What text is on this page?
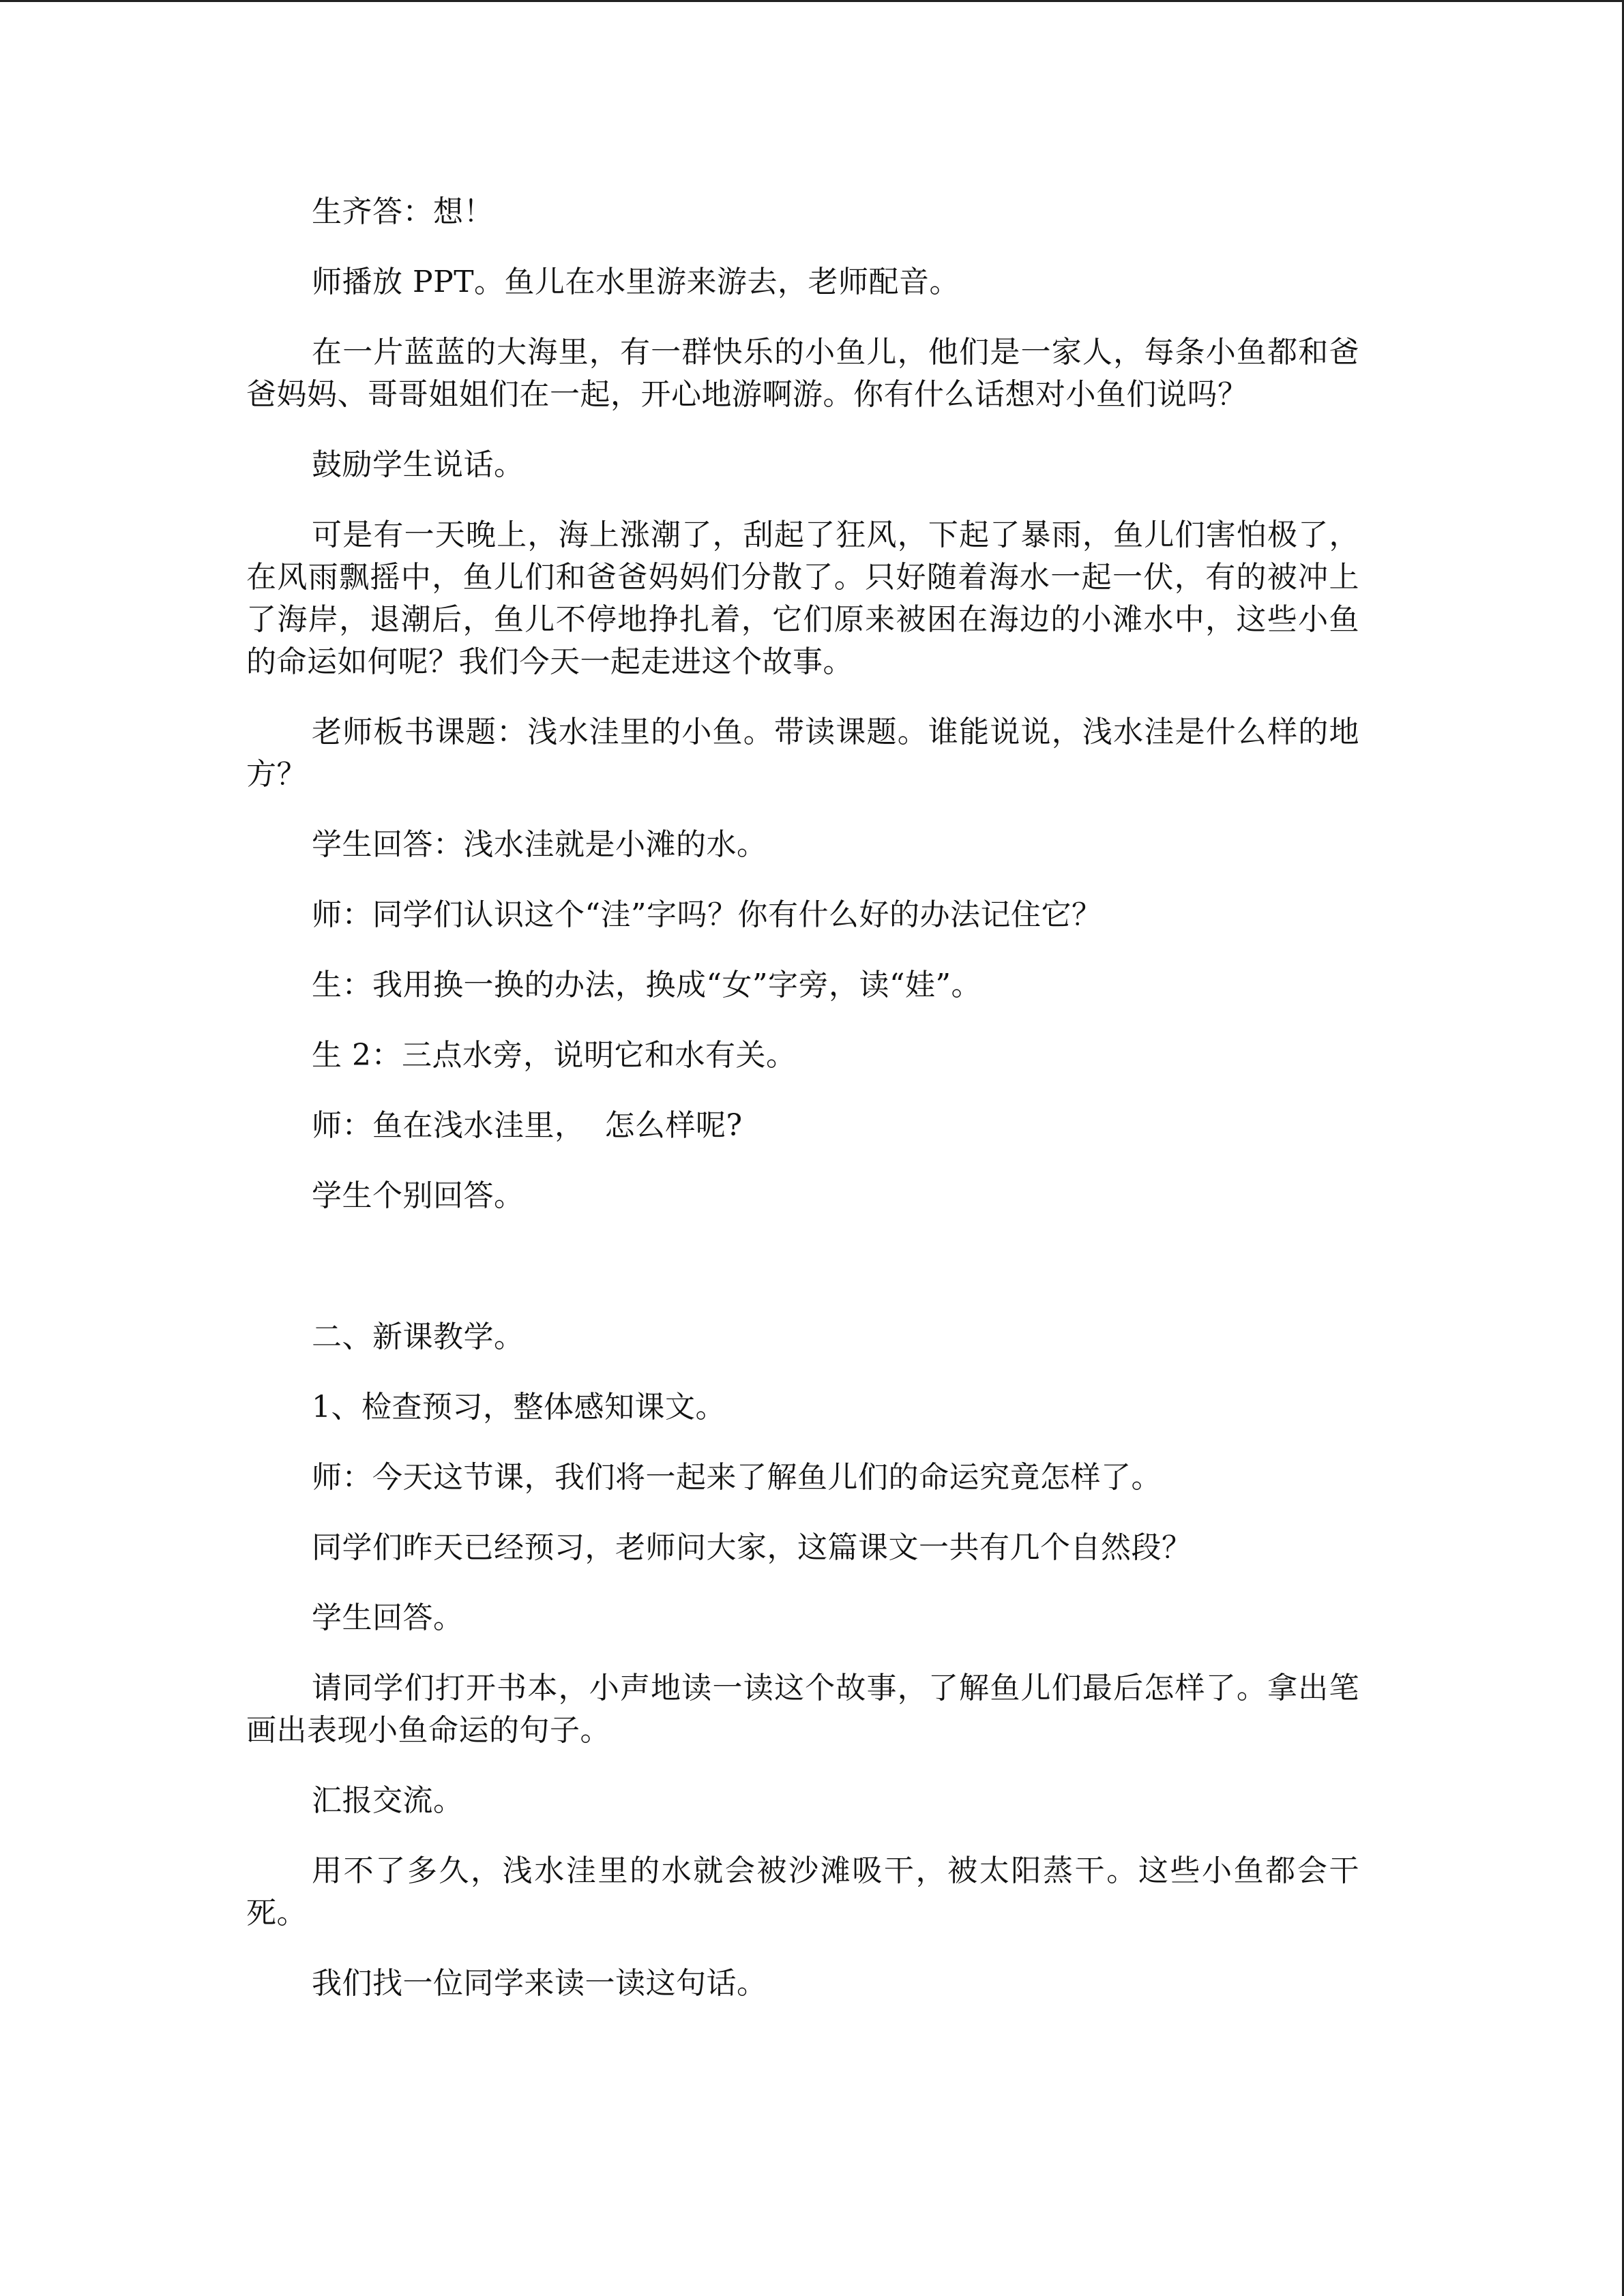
生齐答：想！

师播放 PPT。鱼儿在水里游来游去，老师配音。

在一片蓝蓝的大海里，有一群快乐的小鱼儿，他们是一家人，每条小鱼都和爸爸妈妈、哥哥姐姐们在一起，开心地游啊游。你有什么话想对小鱼们说吗？

鼓励学生说话。

可是有一天晚上，海上涨潮了，刮起了狂风，下起了暴雨，鱼儿们害怕极了，在风雨飘摇中，鱼儿们和爸爸妈妈们分散了。只好随着海水一起一伏，有的被冲上了海岸，退潮后，鱼儿不停地挣扎着，它们原来被困在海边的小滩水中，这些小鱼的命运如何呢？我们今天一起走进这个故事。

老师板书课题：浅水洼里的小鱼。带读课题。谁能说说，浅水洼是什么样的地方？

学生回答：浅水洼就是小滩的水。

师：同学们认识这个“洼”字吗？你有什么好的办法记住它？

生：我用换一换的办法，换成“女”字旁，读“娃”。

生 2：三点水旁，说明它和水有关。

师：鱼在浅水洼里，  怎么样呢?

学生个别回答。

二、新课教学。

1、检查预习，整体感知课文。

师：今天这节课，我们将一起来了解鱼儿们的命运究竟怎样了。

同学们昨天已经预习，老师问大家，这篇课文一共有几个自然段？

学生回答。

请同学们打开书本，小声地读一读这个故事，了解鱼儿们最后怎样了。拿出笔画出表现小鱼命运的句子。

汇报交流。

用不了多久，浅水洼里的水就会被沙滩吸干，被太阳蒸干。这些小鱼都会干死。

我们找一位同学来读一读这句话。
